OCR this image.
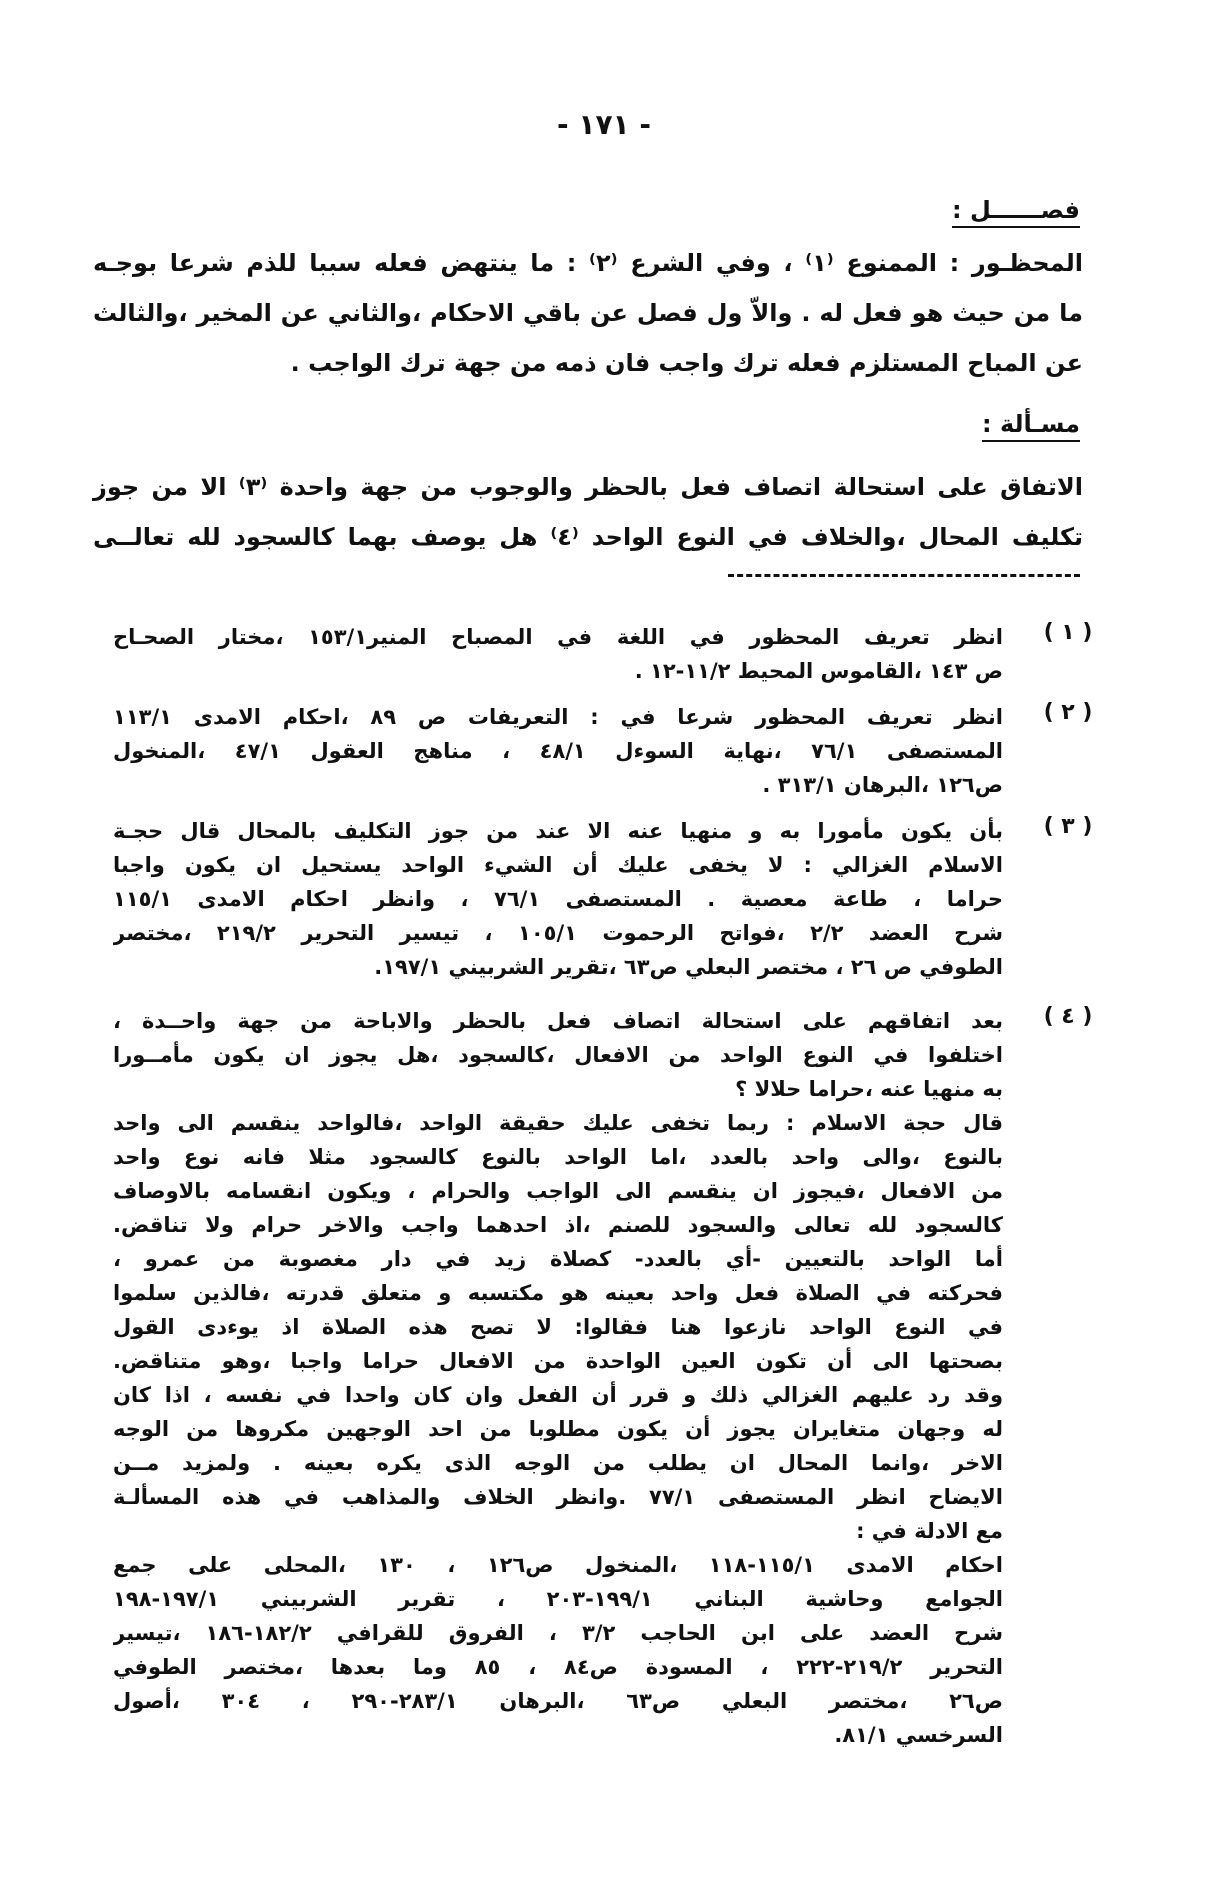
- ١٧١ -
فصــــــل :
المحظـور : الممنوع ⁽١⁾ ، وفي الشرع ⁽٢⁾ : ما ينتهض فعله سببا للذم شرعا بوجـه
ما من حيث هو فعل له . والاّ ول فصل عن باقي الاحكام ،والثاني عن المخير ،والثالث
عن المباح المستلزم فعله ترك واجب فان ذمه من جهة ترك الواجب .
مسـألة :
الاتفاق على استحالة اتصاف فعل بالحظر والوجوب من جهة واحدة ⁽٣⁾ الا من جوز
تكليف المحال ،والخلاف في النوع الواحد ⁽٤⁾ هل يوصف بهما كالسجود لله تعالــى
( ١ )
انظر تعريف المحظور في اللغة في المصباح المنير١٥٣/١ ،مختار الصحـاح
ص ١٤٣ ،القاموس المحيط ١١/٢-١٢ .
( ٢ )
انظر تعريف المحظور شرعا في : التعريفات ص ٨٩ ،احكام الامدى ١١٣/١
المستصفى ٧٦/١ ،نهاية السوءل ٤٨/١ ، مناهج العقول ٤٧/١ ،المنخول
ص١٢٦ ،البرهان ٣١٣/١ .
( ٣ )
بأن يكون مأمورا به و منهيا عنه الا عند من جوز التكليف بالمحال قال حجـة
الاسلام الغزالي : لا يخفى عليك أن الشيء الواحد يستحيل ان يكون واجبا
حراما ، طاعة معصية . المستصفى ٧٦/١ ، وانظر احكام الامدى ١١٥/١
شرح العضد ٢/٢ ،فواتح الرحموت ١٠٥/١ ، تيسير التحرير ٢١٩/٢ ،مختصر
الطوفي ص ٢٦ ، مختصر البعلي ص٦٣ ،تقرير الشربيني ١٩٧/١.
( ٤ )
بعد اتفاقهم على استحالة اتصاف فعل بالحظر والاباحة من جهة واحــدة ،
اختلفوا في النوع الواحد من الافعال ،كالسجود ،هل يجوز ان يكون مأمــورا
به منهيا عنه ،حراما حلالا ؟
قال حجة الاسلام : ربما تخفى عليك حقيقة الواحد ،فالواحد ينقسم الى واحد
بالنوع ،والى واحد بالعدد ،اما الواحد بالنوع كالسجود مثلا فانه نوع واحد
من الافعال ،فيجوز ان ينقسم الى الواجب والحرام ، ويكون انقسامه بالاوصاف
كالسجود لله تعالى والسجود للصنم ،اذ احدهما واجب والاخر حرام ولا تناقض.
أما الواحد بالتعيين -أي بالعدد- كصلاة زيد في دار مغصوبة من عمرو ،
فحركته في الصلاة فعل واحد بعينه هو مكتسبه و متعلق قدرته ،فالذين سلموا
في النوع الواحد نازعوا هنا فقالوا: لا تصح هذه الصلاة اذ يوءدى القول
بصحتها الى أن تكون العين الواحدة من الافعال حراما واجبا ،وهو متناقض.
وقد رد عليهم الغزالي ذلك و قرر أن الفعل وان كان واحدا في نفسه ، اذا كان
له وجهان متغايران يجوز أن يكون مطلوبا من احد الوجهين مكروها من الوجه
الاخر ،وانما المحال ان يطلب من الوجه الذى يكره بعينه . ولمزيد مــن
الايضاح انظر المستصفى ٧٧/١ .وانظر الخلاف والمذاهب في هذه المسألـة
مع الادلة في :
احكام الامدى ١١٥/١-١١٨ ،المنخول ص١٢٦ ، ١٣٠ ،المحلى على جمع
الجوامع وحاشية البناني ١٩٩/١-٢٠٣ ، تقرير الشربيني ١٩٧/١-١٩٨
شرح العضد على ابن الحاجب ٣/٢ ، الفروق للقرافي ١٨٢/٢-١٨٦ ،تيسير
التحرير ٢١٩/٢-٢٢٢ ، المسودة ص٨٤ ، ٨٥ وما بعدها ،مختصر الطوفي
ص٢٦ ،مختصر البعلي ص٦٣ ،البرهان ٢٨٣/١-٢٩٠ ، ٣٠٤ ،أصول
السرخسي ٨١/١.
